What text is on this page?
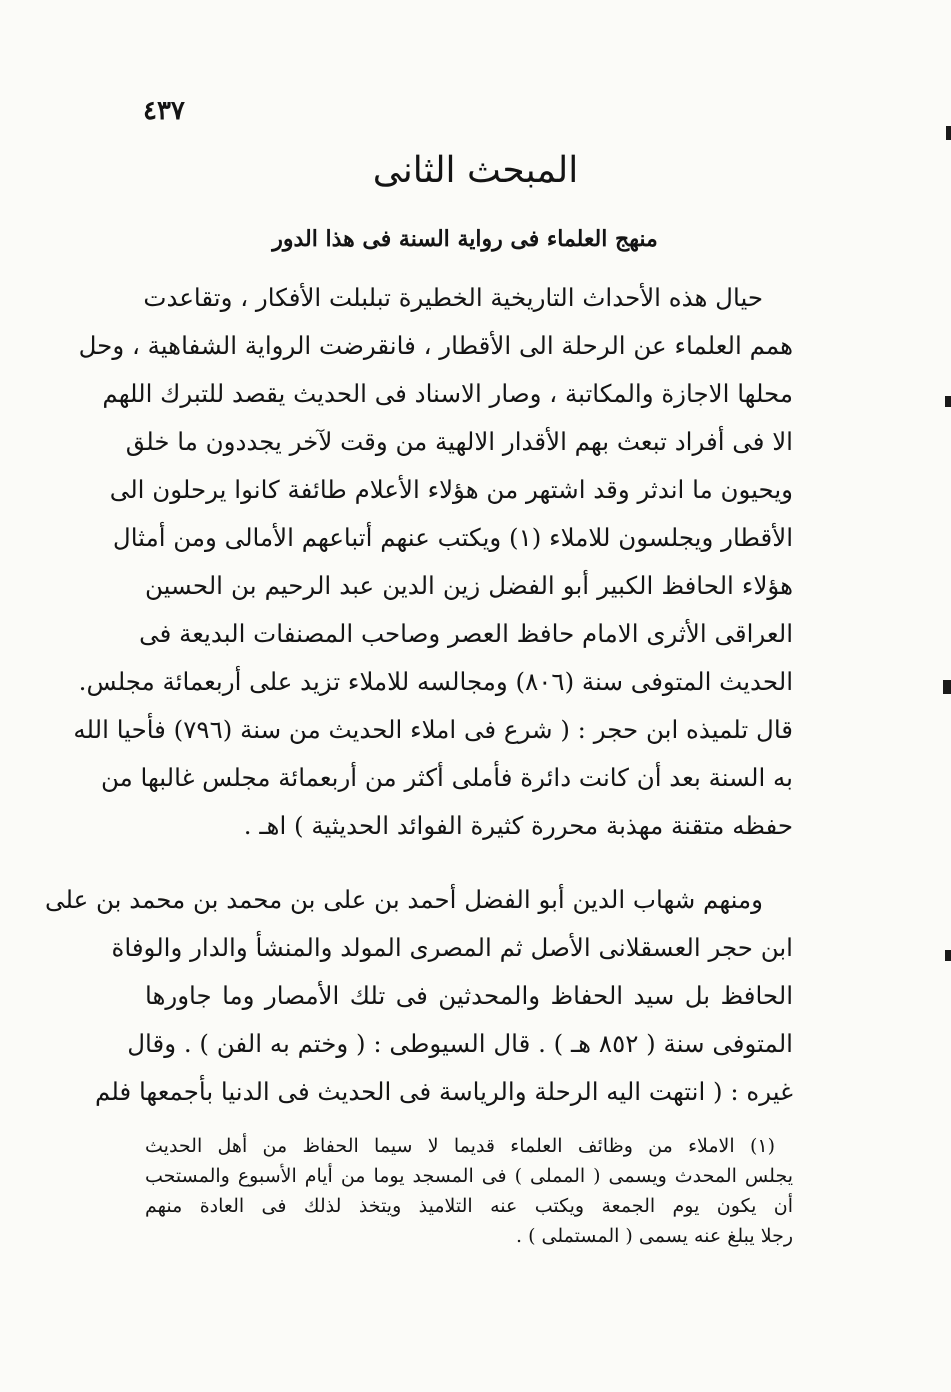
٤٣٧
المبحث الثانى
منهج العلماء فى رواية السنة فى هذا الدور
حيال هذه الأحداث التاريخية الخطيرة تبلبلت الأفكار ، وتقاعدت
همم العلماء عن الرحلة الى الأقطار ، فانقرضت الرواية الشفاهية ، وحل
محلها الاجازة والمكاتبة ، وصار الاسناد فى الحديث يقصد للتبرك اللهم
الا فى أفراد تبعث بهم الأقدار الالهية من وقت لآخر يجددون ما خلق
ويحيون ما اندثر وقد اشتهر من هؤلاء الأعلام طائفة كانوا يرحلون الى
الأقطار ويجلسون للاملاء (١) ويكتب عنهم أتباعهم الأمالى ومن أمثال
هؤلاء الحافظ الكبير أبو الفضل زين الدين عبد الرحيم بن الحسين
العراقى الأثرى الامام حافظ العصر وصاحب المصنفات البديعة فى
الحديث المتوفى سنة (٨٠٦) ومجالسه للاملاء تزيد على أربعمائة مجلس.
قال تلميذه ابن حجر : ( شرع فى املاء الحديث من سنة (٧٩٦) فأحيا الله
به السنة بعد أن كانت دائرة فأملى أكثر من أربعمائة مجلس غالبها من
حفظه متقنة مهذبة محررة كثيرة الفوائد الحديثية ) اهـ .
ومنهم شهاب الدين أبو الفضل أحمد بن على بن محمد بن محمد بن على
ابن حجر العسقلانى الأصل ثم المصرى المولد والمنشأ والدار والوفاة
الحافظ بل سيد الحفاظ والمحدثين فى تلك الأمصار وما جاورها
المتوفى سنة ( ٨٥٢ هـ ) . قال السيوطى : ( وختم به الفن ) . وقال
غيره : ( انتهت اليه الرحلة والرياسة فى الحديث فى الدنيا بأجمعها فلم
(١) الاملاء من وظائف العلماء قديما لا سيما الحفاظ من أهل الحديث
يجلس المحدث ويسمى ( المملى ) فى المسجد يوما من أيام الأسبوع والمستحب
أن يكون يوم الجمعة ويكتب عنه التلاميذ ويتخذ لذلك فى العادة منهم
رجلا يبلغ عنه يسمى ( المستملى ) .
